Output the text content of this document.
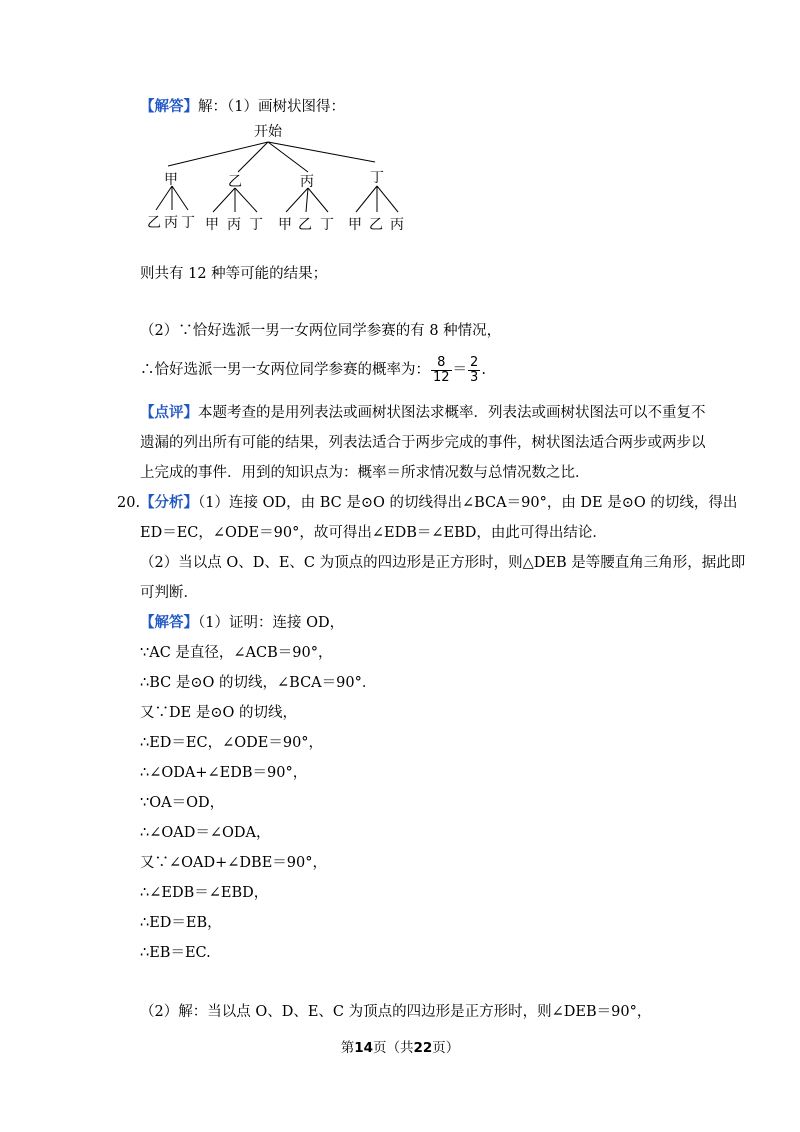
【解答】解：（1）画树状图得：
开始
甲	乙	丙	丁
乙 丙 丁 甲 丙 丁 甲 乙 丁 甲 乙 丙
则共有 12 种等可能的结果；
（2）∵恰好选派一男一女两位同学参赛的有 8 种情况，
∴恰好选派一男一女两位同学参赛的概率为： $\frac{8}{12} = \frac{2}{3}$ .
【点评】本题考查的是用列表法或画树状图法求概率．列表法或画树状图法可以不重复不
遗漏的列出所有可能的结果，列表法适合于两步完成的事件，树状图法适合两步或两步以
上完成的事件．用到的知识点为：概率＝所求情况数与总情况数之比．
20. 【分析】（1）连接 OD，由 BC 是⊙O 的切线得出∠BCA＝90°，由 DE 是⊙O 的切线，得出
ED＝EC，∠ODE＝90°，故可得出∠EDB＝∠EBD，由此可得出结论．
（2）当以点 O、D、E、C 为顶点的四边形是正方形时，则△DEB 是等腰直角三角形，据此即
可判断．
【解答】（1）证明：连接 OD，
∵AC 是直径，∠ACB＝90°，
∴BC 是⊙O 的切线，∠BCA＝90°．
又∵DE 是⊙O 的切线，
∴ED＝EC，∠ODE＝90°，
∴∠ODA+∠EDB＝90°，
∵OA＝OD，
∴∠OAD＝∠ODA，
又∵∠OAD+∠DBE＝90°，
∴∠EDB＝∠EBD，
∴ED＝EB，
∴EB＝EC.
（2）解：当以点 O、D、E、C 为顶点的四边形是正方形时，则∠DEB＝90°，
第14页（共22页）
